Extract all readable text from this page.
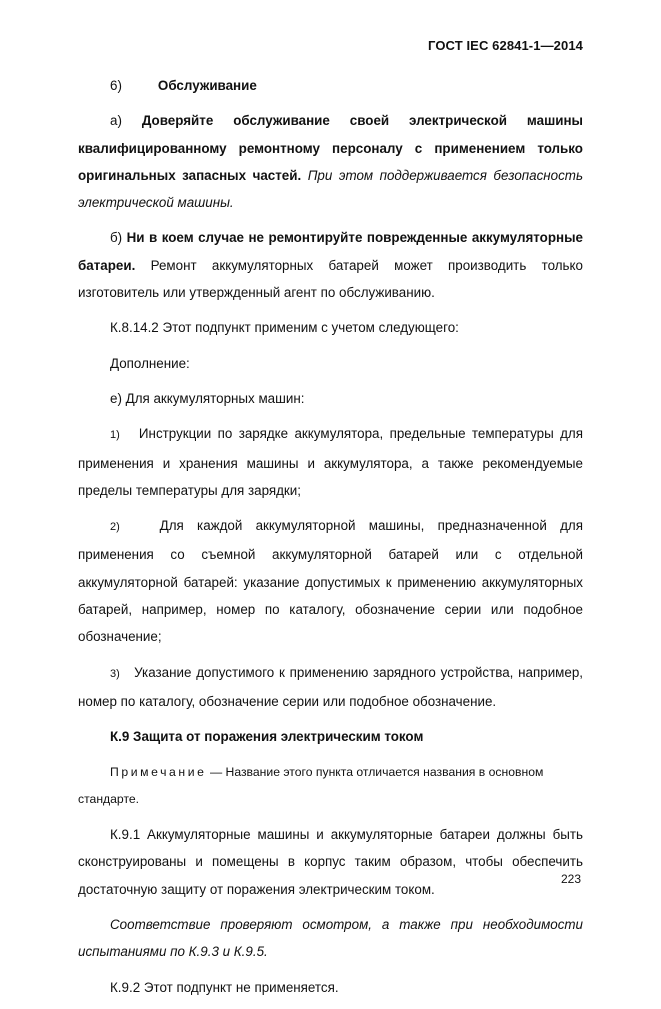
ГОСТ IEC 62841-1—2014

6)	Обслуживание

а) Доверяйте обслуживание своей электрической машины квалифицированному ремонтному персоналу с применением только оригинальных запасных частей. При этом поддерживается безопасность электрической машины.

б) Ни в коем случае не ремонтируйте поврежденные аккумуляторные батареи. Ремонт аккумуляторных батарей может производить только изготовитель или утвержденный агент по обслуживанию.

К.8.14.2 Этот подпункт применим с учетом следующего:

Дополнение:

е) Для аккумуляторных машин:

1) Инструкции по зарядке аккумулятора, предельные температуры для применения и хранения машины и аккумулятора, а также рекомендуемые пределы температуры для зарядки;

2)	Для каждой аккумуляторной машины, предназначенной для применения со съемной аккумуляторной батарей или с отдельной аккумуляторной батарей: указание допустимых к применению аккумуляторных батарей, например, номер по каталогу, обозначение серии или подобное обозначение;

3) Указание допустимого к применению зарядного устройства, например, номер по каталогу, обозначение серии или подобное обозначение.

К.9 Защита от поражения электрическим током

Примечание — Название этого пункта отличается названия в основном стандарте.

К.9.1 Аккумуляторные машины и аккумуляторные батареи должны быть сконструированы и помещены в корпус таким образом, чтобы обеспечить достаточную защиту от поражения электрическим током.

Соответствие проверяют осмотром, а также при необходимости испытаниями по К.9.3 и К.9.5.

К.9.2 Этот подпункт не применяется.

223
